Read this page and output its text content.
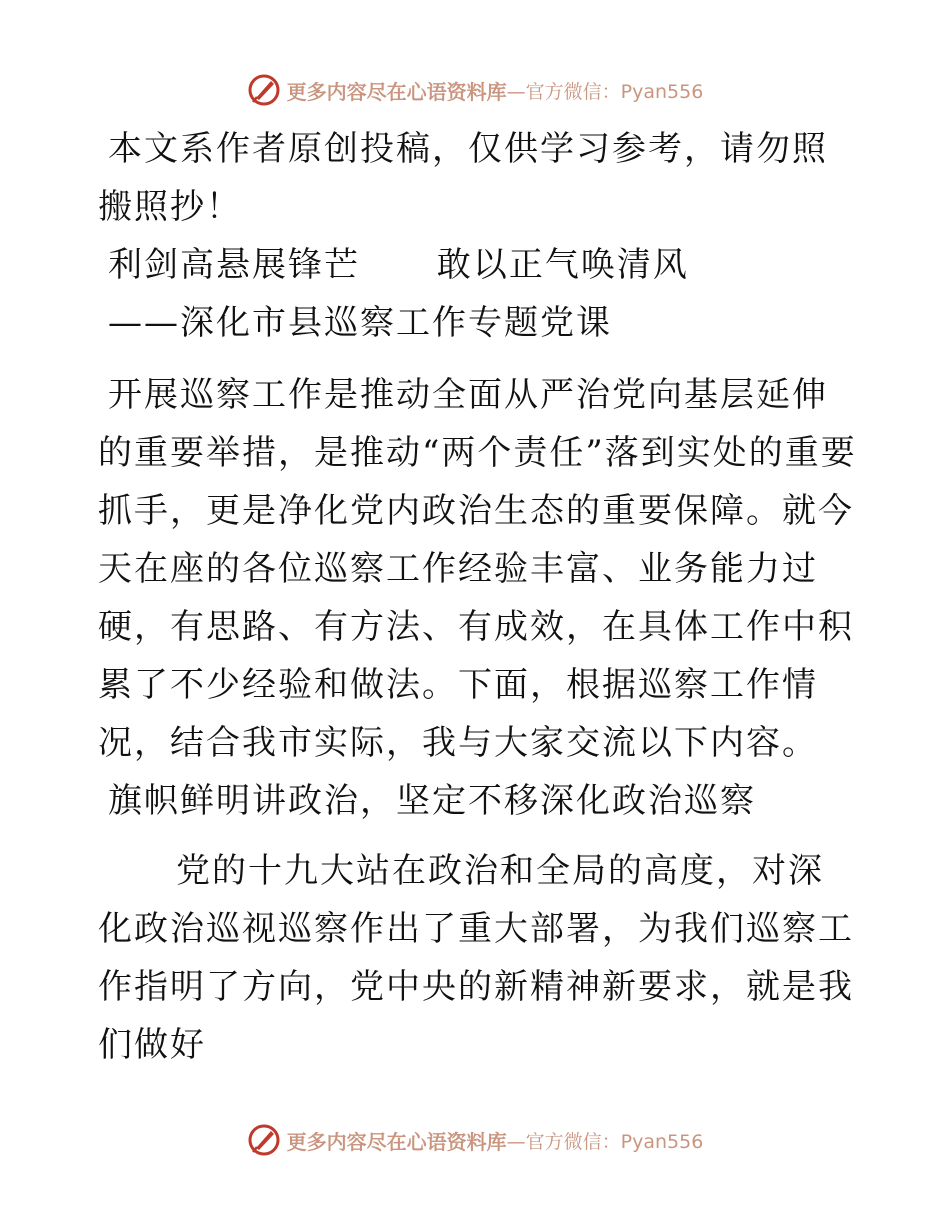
更多内容尽在心语资料库 —官方微信：Pyan556

本文系作者原创投稿，仅供学习参考，请勿照搬照抄！

利剑高悬展锋芒      敢以正气唤清风

——深化市县巡察工作专题党课

开展巡察工作是推动全面从严治党向基层延伸的重要举措，是推动“两个责任”落到实处的重要抓手，更是净化党内政治生态的重要保障。就今天在座的各位巡察工作经验丰富、业务能力过硬，有思路、有方法、有成效，在具体工作中积累了不少经验和做法。下面，根据巡察工作情况，结合我市实际，我与大家交流以下内容。

旗帜鲜明讲政治，坚定不移深化政治巡察

党的十九大站在政治和全局的高度，对深化政治巡视巡察作出了重大部署，为我们巡察工作指明了方向，党中央的新精神新要求，就是我们做好

更多内容尽在心语资料库 —官方微信：Pyan556
